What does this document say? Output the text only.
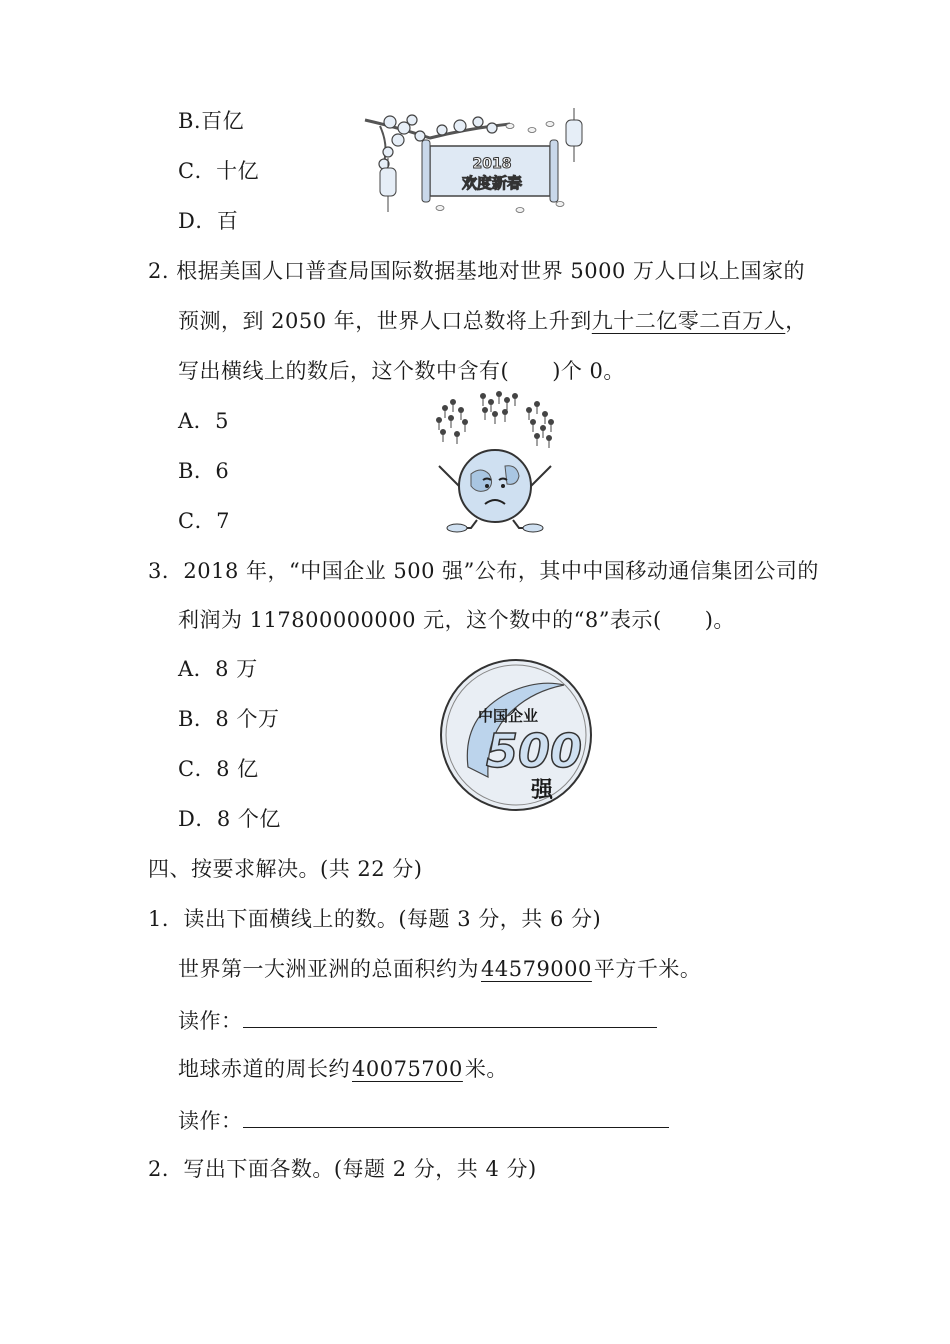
B.百亿
C．十亿
D．百
2018
欢度新春
2. 根据美国人口普查局国际数据基地对世界 5000 万人口以上国家的
预测，到 2050 年，世界人口总数将上升到九十二亿零二百万人，
写出横线上的数后，这个数中含有(　　)个 0。
A．5
B．6
C．7
3．2018 年，“中国企业 500 强”公布，其中中国移动通信集团公司的
利润为 117800000000 元，这个数中的“8”表示(　　)。
A．8 万
B．8 个万
C．8 亿
D．8 个亿
中国企业
500
强
四、按要求解决。(共 22 分)
1．读出下面横线上的数。(每题 3 分，共 6 分)
世界第一大洲亚洲的总面积约为44579000平方千米。
读作：
地球赤道的周长约40075700米。
读作：
2．写出下面各数。(每题 2 分，共 4 分)
